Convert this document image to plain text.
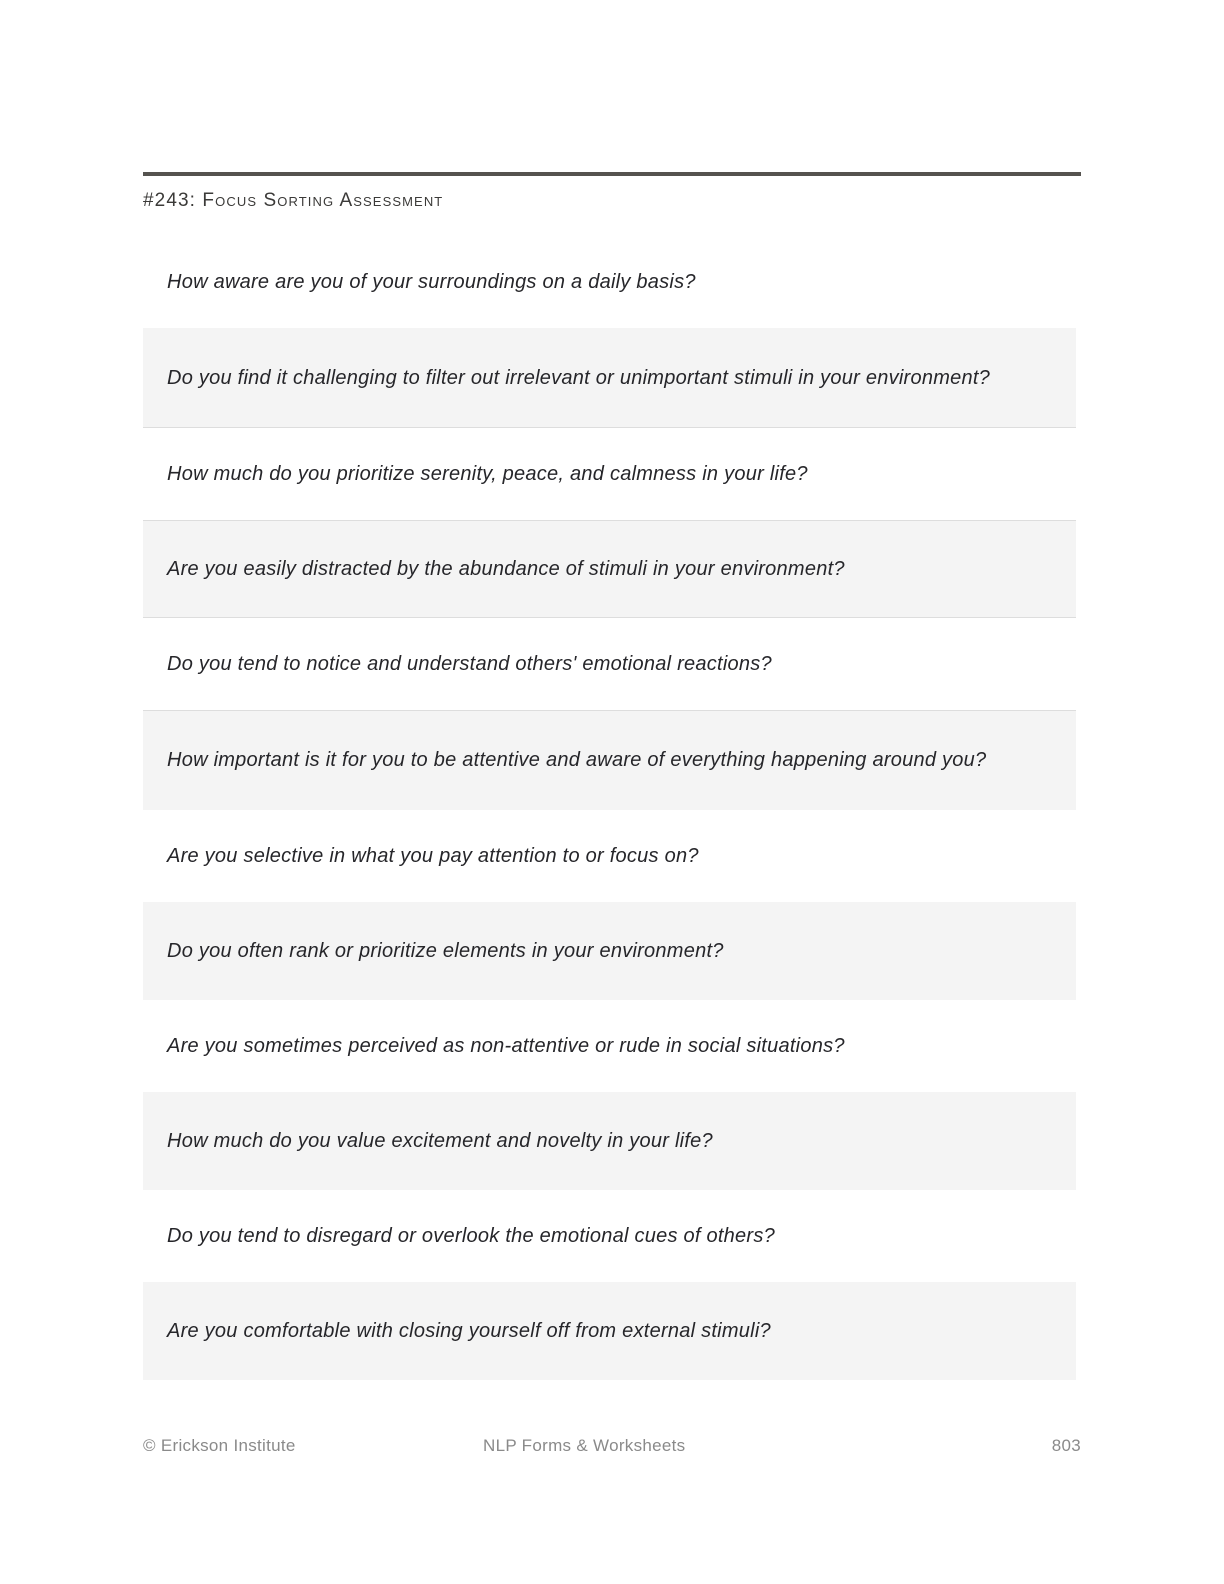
#243: Focus Sorting Assessment

How aware are you of your surroundings on a daily basis?

Do you find it challenging to filter out irrelevant or unimportant stimuli in your environment?

How much do you prioritize serenity, peace, and calmness in your life?

Are you easily distracted by the abundance of stimuli in your environment?

Do you tend to notice and understand others' emotional reactions?

How important is it for you to be attentive and aware of everything happening around you?

Are you selective in what you pay attention to or focus on?

Do you often rank or prioritize elements in your environment?

Are you sometimes perceived as non-attentive or rude in social situations?

How much do you value excitement and novelty in your life?

Do you tend to disregard or overlook the emotional cues of others?

Are you comfortable with closing yourself off from external stimuli?

© Erickson Institute	NLP Forms & Worksheets	803
